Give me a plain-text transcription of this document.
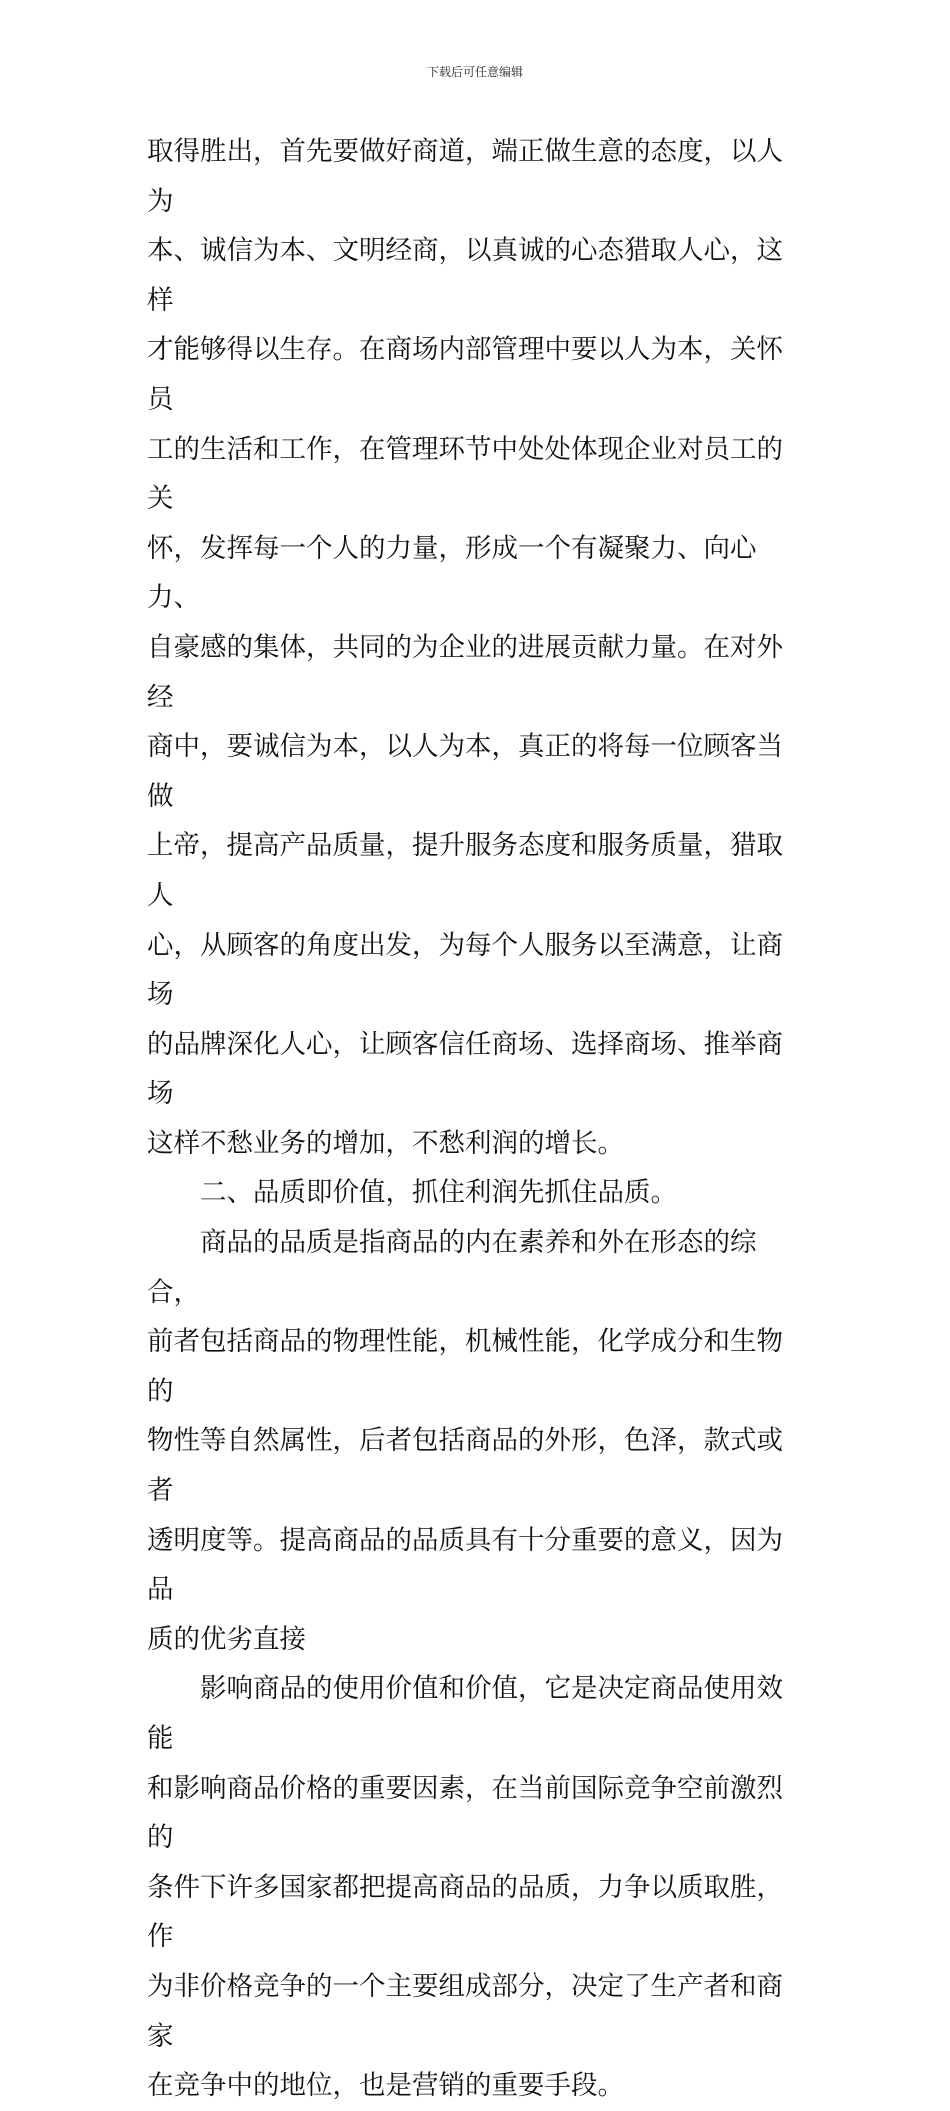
下载后可任意编辑

取得胜出，首先要做好商道，端正做生意的态度，以人为
本、诚信为本、文明经商，以真诚的心态猎取人心，这样
才能够得以生存。在商场内部管理中要以人为本，关怀员
工的生活和工作，在管理环节中处处体现企业对员工的关
怀，发挥每一个人的力量，形成一个有凝聚力、向心力、
自豪感的集体，共同的为企业的进展贡献力量。在对外经
商中，要诚信为本，以人为本，真正的将每一位顾客当做
上帝，提高产品质量，提升服务态度和服务质量，猎取人
心，从顾客的角度出发，为每个人服务以至满意，让商场
的品牌深化人心，让顾客信任商场、选择商场、推举商场
这样不愁业务的增加，不愁利润的增长。

　　二、品质即价值，抓住利润先抓住品质。

　　商品的品质是指商品的内在素养和外在形态的综合，
前者包括商品的物理性能，机械性能，化学成分和生物的
物性等自然属性，后者包括商品的外形，色泽，款式或者
透明度等。提高商品的品质具有十分重要的意义，因为品
质的优劣直接

　　影响商品的使用价值和价值，它是决定商品使用效能
和影响商品价格的重要因素，在当前国际竞争空前激烈的
条件下许多国家都把提高商品的品质，力争以质取胜，作
为非价格竞争的一个主要组成部分，决定了生产者和商家
在竞争中的地位，也是营销的重要手段。
